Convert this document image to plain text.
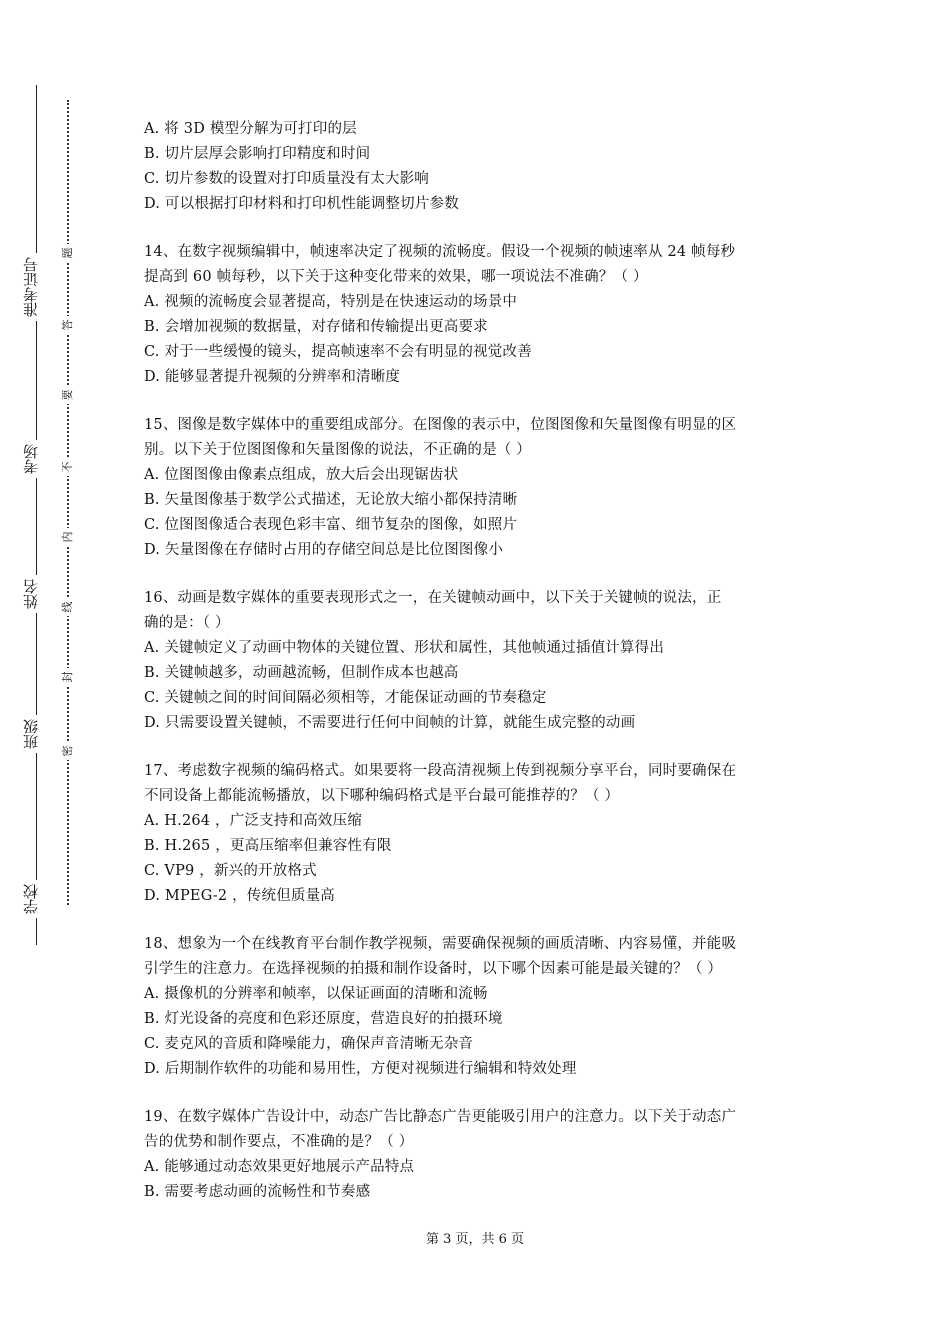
学校
班级
姓名
考场
准考证号
密
封
线
内
不
要
答
题
A. 将 3D 模型分解为可打印的层
B. 切片层厚会影响打印精度和时间
C. 切片参数的设置对打印质量没有太大影响
D. 可以根据打印材料和打印机性能调整切片参数
14、在数字视频编辑中，帧速率决定了视频的流畅度。假设一个视频的帧速率从 24 帧每秒
提高到 60 帧每秒，以下关于这种变化带来的效果，哪一项说法不准确？（ ）
A. 视频的流畅度会显著提高，特别是在快速运动的场景中
B. 会增加视频的数据量，对存储和传输提出更高要求
C. 对于一些缓慢的镜头，提高帧速率不会有明显的视觉改善
D. 能够显著提升视频的分辨率和清晰度
15、图像是数字媒体中的重要组成部分。在图像的表示中，位图图像和矢量图像有明显的区
别。以下关于位图图像和矢量图像的说法，不正确的是（ ）
A. 位图图像由像素点组成，放大后会出现锯齿状
B. 矢量图像基于数学公式描述，无论放大缩小都保持清晰
C. 位图图像适合表现色彩丰富、细节复杂的图像，如照片
D. 矢量图像在存储时占用的存储空间总是比位图图像小
16、动画是数字媒体的重要表现形式之一，在关键帧动画中，以下关于关键帧的说法，正
确的是：（ ）
A. 关键帧定义了动画中物体的关键位置、形状和属性，其他帧通过插值计算得出
B. 关键帧越多，动画越流畅，但制作成本也越高
C. 关键帧之间的时间间隔必须相等，才能保证动画的节奏稳定
D. 只需要设置关键帧，不需要进行任何中间帧的计算，就能生成完整的动画
17、考虑数字视频的编码格式。如果要将一段高清视频上传到视频分享平台，同时要确保在
不同设备上都能流畅播放，以下哪种编码格式是平台最可能推荐的？（ ）
A. H.264 ，广泛支持和高效压缩
B. H.265 ，更高压缩率但兼容性有限
C. VP9 ，新兴的开放格式
D. MPEG-2 ，传统但质量高
18、想象为一个在线教育平台制作教学视频，需要确保视频的画质清晰、内容易懂，并能吸
引学生的注意力。在选择视频的拍摄和制作设备时，以下哪个因素可能是最关键的？（ ）
A. 摄像机的分辨率和帧率，以保证画面的清晰和流畅
B. 灯光设备的亮度和色彩还原度，营造良好的拍摄环境
C. 麦克风的音质和降噪能力，确保声音清晰无杂音
D. 后期制作软件的功能和易用性，方便对视频进行编辑和特效处理
19、在数字媒体广告设计中，动态广告比静态广告更能吸引用户的注意力。以下关于动态广
告的优势和制作要点，不准确的是？（ ）
A. 能够通过动态效果更好地展示产品特点
B. 需要考虑动画的流畅性和节奏感
第 3 页，共 6 页
